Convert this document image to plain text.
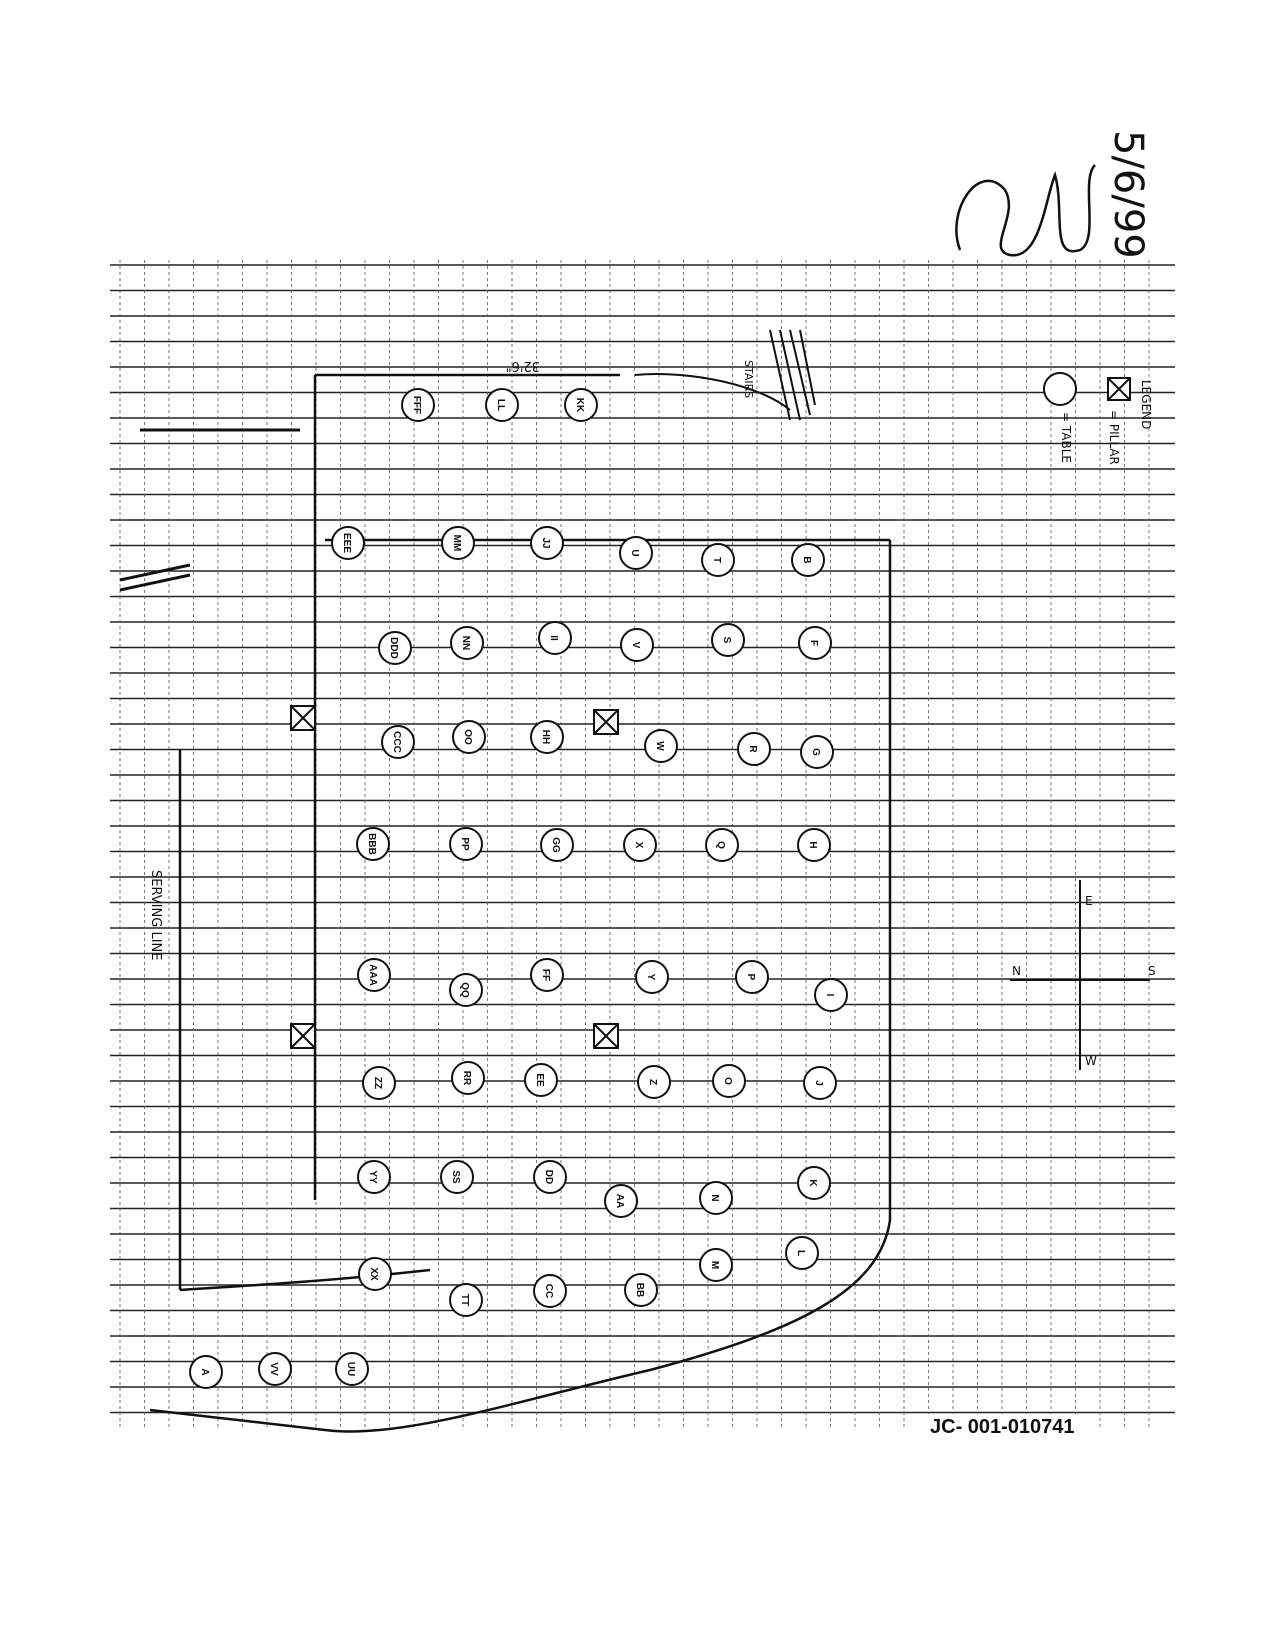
STAIRS
SERVING LINE
32'6"
FFF	LL	KK
EEE	MM	JJ
U
T	B
DDD	NN	II
V
S	F
CCC	OO	HH
W	R	G
BBB	PP	GG	X	Q	H
AAA
QQ
FF	Y	P
I
ZZ	RR	EE	Z	O	J
YY	SS	DD
AA	N
K
XX
TT
CC	BB
M
L
VV	UU
A
LEGEND
= PILLAR
= TABLE
E
W
N	S
5/6/99
JC- 001-010741
